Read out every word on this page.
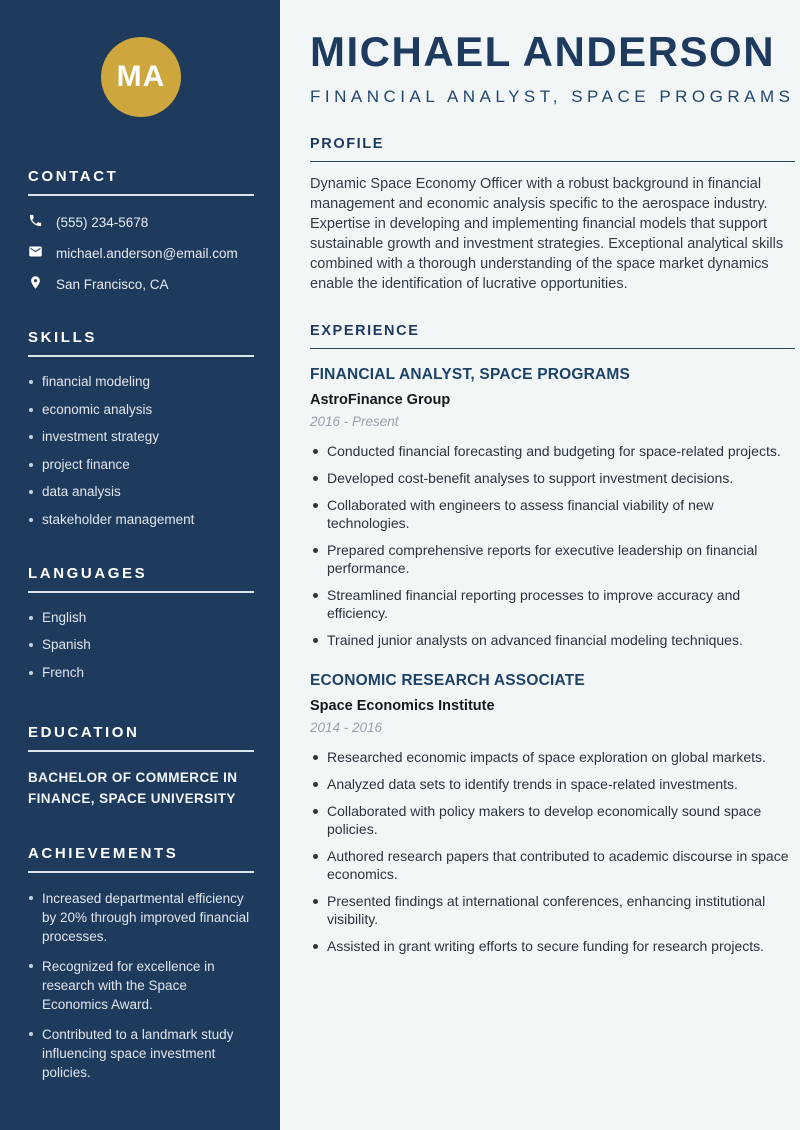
MA
CONTACT
(555) 234-5678
michael.anderson@email.com
San Francisco, CA
SKILLS
financial modeling
economic analysis
investment strategy
project finance
data analysis
stakeholder management
LANGUAGES
English
Spanish
French
EDUCATION
BACHELOR OF COMMERCE IN FINANCE, SPACE UNIVERSITY
ACHIEVEMENTS
Increased departmental efficiency by 20% through improved financial processes.
Recognized for excellence in research with the Space Economics Award.
Contributed to a landmark study influencing space investment policies.
MICHAEL ANDERSON
FINANCIAL ANALYST, SPACE PROGRAMS
PROFILE

Dynamic Space Economy Officer with a robust background in financial management and economic analysis specific to the aerospace industry. Expertise in developing and implementing financial models that support sustainable growth and investment strategies. Exceptional analytical skills combined with a thorough understanding of the space market dynamics enable the identification of lucrative opportunities.

EXPERIENCE
FINANCIAL ANALYST, SPACE PROGRAMS
AstroFinance Group
2016 - Present
Conducted financial forecasting and budgeting for space-related projects.
Developed cost-benefit analyses to support investment decisions.
Collaborated with engineers to assess financial viability of new technologies.
Prepared comprehensive reports for executive leadership on financial performance.
Streamlined financial reporting processes to improve accuracy and efficiency.
Trained junior analysts on advanced financial modeling techniques.
ECONOMIC RESEARCH ASSOCIATE
Space Economics Institute
2014 - 2016
Researched economic impacts of space exploration on global markets.
Analyzed data sets to identify trends in space-related investments.
Collaborated with policy makers to develop economically sound space policies.
Authored research papers that contributed to academic discourse in space economics.
Presented findings at international conferences, enhancing institutional visibility.
Assisted in grant writing efforts to secure funding for research projects.
